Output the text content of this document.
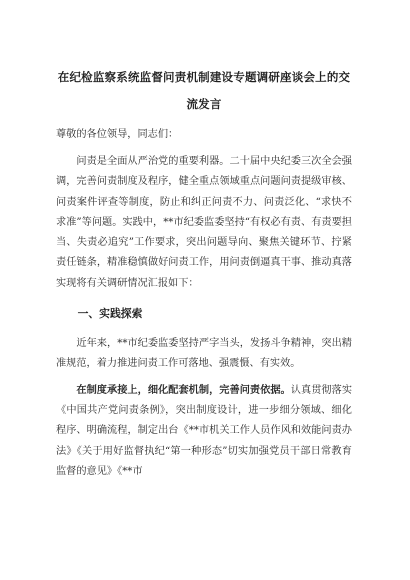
在纪检监察系统监督问责机制建设专题调研座谈会上的交
流发言

尊敬的各位领导，同志们：

问责是全面从严治党的重要利器。二十届中央纪委三次全会强调，完善问责制度及程序，健全重点领域重点问题问责提级审核、问责案件评查等制度，防止和纠正问责不力、问责泛化、“求快不求准”等问题。实践中，**市纪委监委坚持“有权必有责、有责要担当、失责必追究”工作要求，突出问题导向、聚焦关键环节、拧紧责任链条，精准稳慎做好问责工作，用问责倒逼真干事、推动真落实现将有关调研情况汇报如下：

一、实践探索

近年来，**市纪委监委坚持严字当头，发扬斗争精神，突出精准规范，着力推进问责工作可落地、强震慑、有实效。

在制度承接上，细化配套机制，完善问责依据。认真贯彻落实《中国共产党问责条例》，突出制度设计，进一步细分领域、细化程序、明确流程，制定出台《**市机关工作人员作风和效能问责办法》《关于用好监督执纪“第一种形态”切实加强党员干部日常教育监督的意见》《**市
